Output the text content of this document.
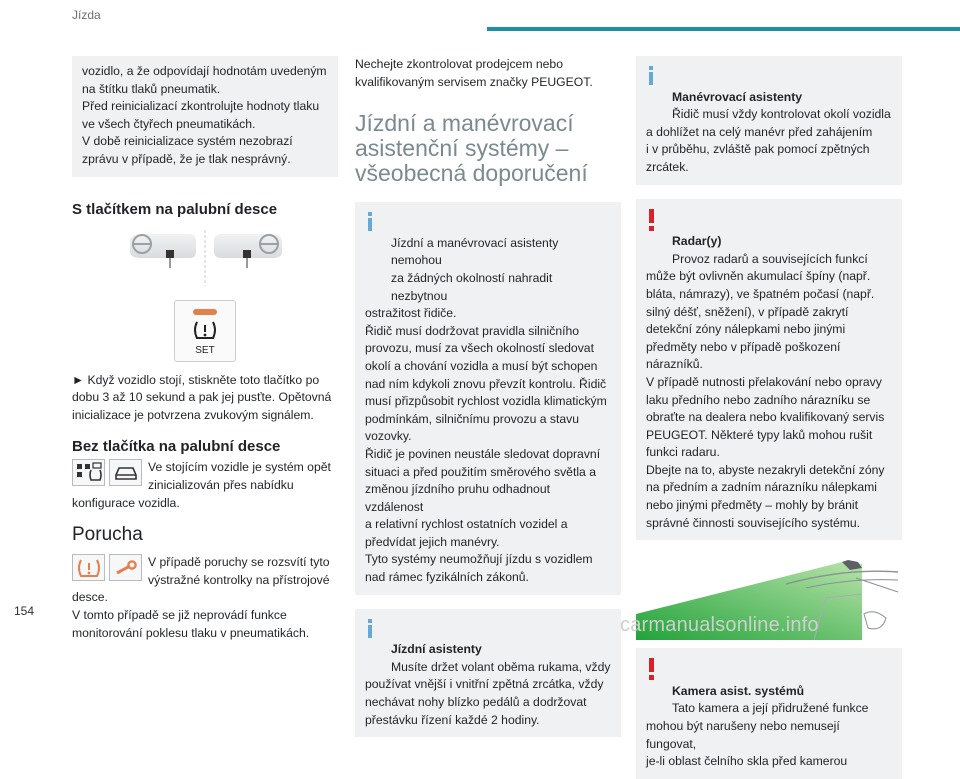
Jízda
vozidlo, a že odpovídají hodnotám uvedeným
na štítku tlaků pneumatik.
Před reinicializací zkontrolujte hodnoty tlaku
ve všech čtyřech pneumatikách.
V době reinicializace systém nezobrazí
zprávu v případě, že je tlak nesprávný.
S tlačítkem na palubní desce
SET
► Když vozidlo stojí, stiskněte toto tlačítko po
dobu 3 až 10 sekund a pak jej pusťte. Opětovná
inicializace je potvrzena zvukovým signálem.
Bez tlačítka na palubní desce
Ve stojícím vozidle je systém opět
zinicializován přes nabídku
konfigurace vozidla.
Porucha
V případě poruchy se rozsvítí tyto
výstražné kontrolky na přístrojové
desce.
V tomto případě se již neprovádí funkce
monitorování poklesu tlaku v pneumatikách.
Nechejte zkontrolovat prodejcem nebo
kvalifikovaným servisem značky PEUGEOT.
Jízdní a manévrovací
asistenční systémy –
všeobecná doporučení
Jízdní a manévrovací asistenty nemohou
za žádných okolností nahradit nezbytnou
ostražitost řidiče.
Řidič musí dodržovat pravidla silničního
provozu, musí za všech okolností sledovat
okolí a chování vozidla a musí být schopen
nad ním kdykoli znovu převzít kontrolu. Řidič
musí přizpůsobit rychlost vozidla klimatickým
podmínkám, silničnímu provozu a stavu
vozovky.
Řidič je povinen neustále sledovat dopravní
situaci a před použitím směrového světla a
změnou jízdního pruhu odhadnout vzdálenost
a relativní rychlost ostatních vozidel a
předvídat jejich manévry.
Tyto systémy neumožňují jízdu s vozidlem
nad rámec fyzikálních zákonů.
Jízdní asistenty
Musíte držet volant oběma rukama, vždy
používat vnější i vnitřní zpětná zrcátka, vždy
nechávat nohy blízko pedálů a dodržovat
přestávku řízení každé 2 hodiny.
Manévrovací asistenty
Řidič musí vždy kontrolovat okolí vozidla
a dohlížet na celý manévr před zahájením
i v průběhu, zvláště pak pomocí zpětných
zrcátek.
Radar(y)
Provoz radarů a souvisejících funkcí
může být ovlivněn akumulací špíny (např.
bláta, námrazy), ve špatném počasí (např.
silný déšť, sněžení), v případě zakrytí
detekční zóny nálepkami nebo jinými
předměty nebo v případě poškození
nárazníků.
V případě nutnosti přelakování nebo opravy
laku předního nebo zadního nárazníku se
obraťte na dealera nebo kvalifikovaný servis
PEUGEOT. Některé typy laků mohou rušit
funkci radaru.
Dbejte na to, abyste nezakryli detekční zóny
na předním a zadním nárazníku nálepkami
nebo jinými předměty – mohly by bránit
správné činnosti souvisejícího systému.
Kamera asist. systémů
Tato kamera a její přidružené funkce
mohou být narušeny nebo nemusejí fungovat,
je-li oblast čelního skla před kamerou
154
carmanualsonline.info
